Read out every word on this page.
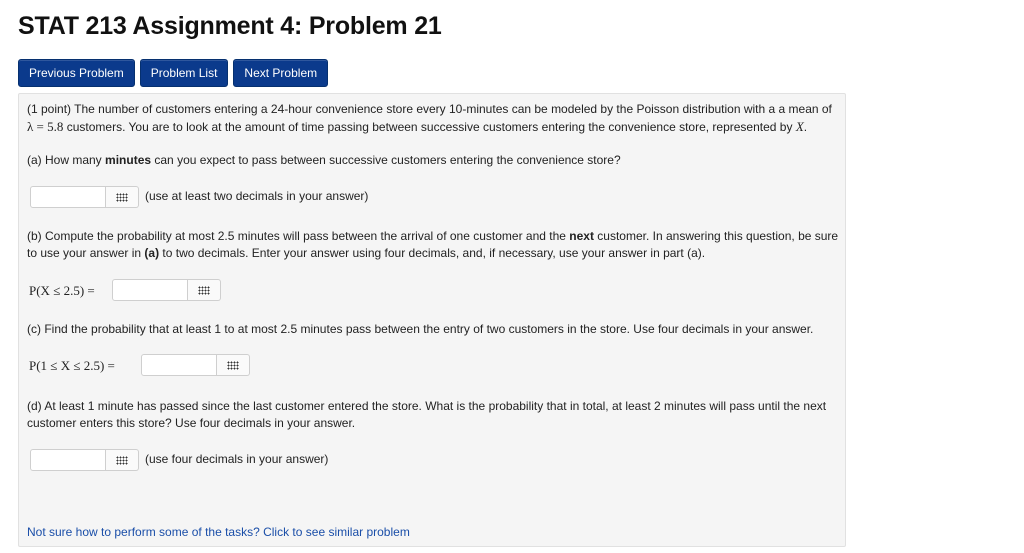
STAT 213 Assignment 4: Problem 21
Previous Problem	Problem List	Next Problem
(1 point) The number of customers entering a 24-hour convenience store every 10-minutes can be modeled by the Poisson distribution with a a mean of
λ = 5.8 customers. You are to look at the amount of time passing between successive customers entering the convenience store, represented by X.
(a) How many minutes can you expect to pass between successive customers entering the convenience store?
(use at least two decimals in your answer)
(b) Compute the probability at most 2.5 minutes will pass between the arrival of one customer and the next customer. In answering this question, be sure
to use your answer in (a) to two decimals. Enter your answer using four decimals, and, if necessary, use your answer in part (a).
P(X ≤ 2.5) =
(c) Find the probability that at least 1 to at most 2.5 minutes pass between the entry of two customers in the store. Use four decimals in your answer.
P(1 ≤ X ≤ 2.5) =
(d) At least 1 minute has passed since the last customer entered the store. What is the probability that in total, at least 2 minutes will pass until the next
customer enters this store? Use four decimals in your answer.
(use four decimals in your answer)
Not sure how to perform some of the tasks? Click to see similar problem
